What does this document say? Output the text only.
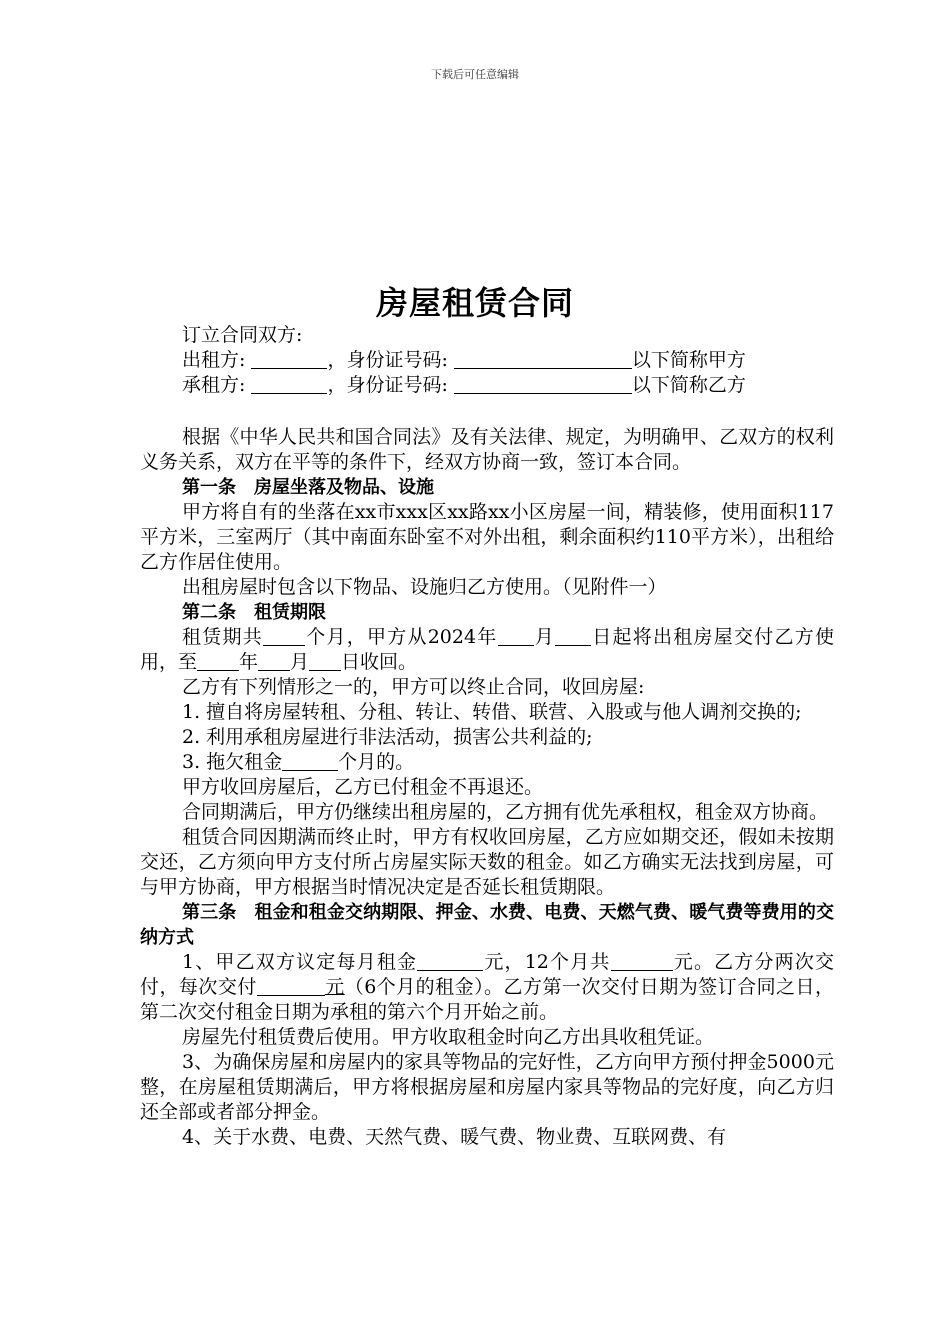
下载后可任意编辑
房屋租赁合同
订立合同双方:
出租方:	，身份证号码:	以下简称甲方
承租方:	，身份证号码:	以下简称乙方

根据《中华人民共和国合同法》及有关法律、规定，为明确甲、乙双方的权利义务关系，双方在平等的条件下，经双方协商一致，签订本合同。

第一条　房屋坐落及物品、设施

甲方将自有的坐落在xx市xxx区xx路xx小区房屋一间，精装修，使用面积117平方米，三室两厅（其中南面东卧室不对外出租，剩余面积约110平方米），出租给乙方作居住使用。

出租房屋时包含以下物品、设施归乙方使用。（见附件一）

第二条　租赁期限

租赁期共 个月，甲方从2024年 月 日起将出租房屋交付乙方使用，至 年 月 日收回。

乙方有下列情形之一的，甲方可以终止合同，收回房屋:

1. 擅自将房屋转租、分租、转让、转借、联营、入股或与他人调剂交换的;

2. 利用承租房屋进行非法活动，损害公共利益的;

3. 拖欠租金	个月的。

甲方收回房屋后，乙方已付租金不再退还。

合同期满后，甲方仍继续出租房屋的，乙方拥有优先承租权，租金双方协商。

租赁合同因期满而终止时，甲方有权收回房屋，乙方应如期交还，假如未按期交还，乙方须向甲方支付所占房屋实际天数的租金。如乙方确实无法找到房屋，可与甲方协商，甲方根据当时情况决定是否延长租赁期限。

第三条　租金和租金交纳期限、押金、水费、电费、天燃气费、暖气费等费用的交纳方式

1、甲乙双方议定每月租金	元，12个月共	元。乙方分两次交付，每次交付	元（6个月的租金）。乙方第一次交付日期为签订合同之日，第二次交付租金日期为承租的第六个月开始之前。

房屋先付租赁费后使用。甲方收取租金时向乙方出具收租凭证。

3、为确保房屋和房屋内的家具等物品的完好性，乙方向甲方预付押金5000元整，在房屋租赁期满后，甲方将根据房屋和房屋内家具等物品的完好度，向乙方归还全部或者部分押金。

4、关于水费、电费、天然气费、暖气费、物业费、互联网费、有
